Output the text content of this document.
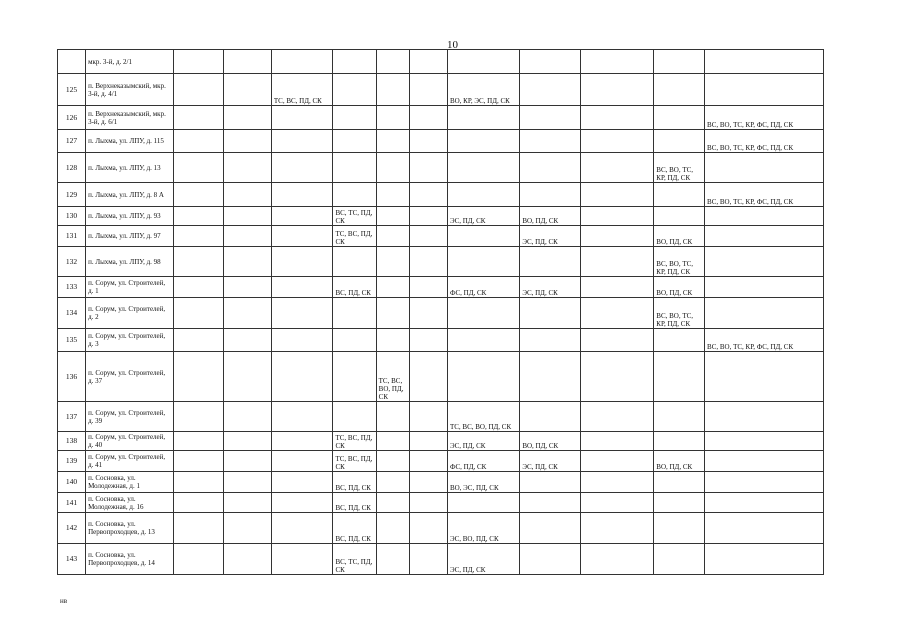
10
	мкр. 3-й, д. 2/1											
125	п. Верхнеказымский, мкр. 3-й, д. 4/1			ТС, ВС, ПД, СК				ВО, КР, ЭС, ПД, СК				
126	п. Верхнеказымский, мкр. 3-й, д. 6/1											ВС, ВО, ТС, КР, ФС, ПД, СК
127	п. Лыхма, ул. ЛПУ, д. 115											ВС, ВО, ТС, КР, ФС, ПД, СК
128	п. Лыхма, ул. ЛПУ, д. 13										ВС, ВО, ТС, КР, ПД, СК	
129	п. Лыхма, ул. ЛПУ, д. 8 А											ВС, ВО, ТС, КР, ФС, ПД, СК
130	п. Лыхма, ул. ЛПУ, д. 93				ВС, ТС, ПД, СК			ЭС, ПД, СК	ВО, ПД, СК			
131	п. Лыхма, ул. ЛПУ, д. 97				ТС, ВС, ПД, СК				ЭС, ПД, СК		ВО, ПД, СК	
132	п. Лыхма, ул. ЛПУ, д. 98										ВС, ВО, ТС, КР, ПД, СК	
133	п. Сорум, ул. Строителей, д. 1				ВС, ПД, СК			ФС, ПД, СК	ЭС, ПД, СК		ВО, ПД, СК	
134	п. Сорум, ул. Строителей, д. 2										ВС, ВО, ТС, КР, ПД, СК	
135	п. Сорум, ул. Строителей, д. 3											ВС, ВО, ТС, КР, ФС, ПД, СК
136	п. Сорум, ул. Строителей, д. 37					ТС, ВС, ВО, ПД, СК						
137	п. Сорум, ул. Строителей, д. 39							ТС, ВС, ВО, ПД, СК				
138	п. Сорум, ул. Строителей, д. 40				ТС, ВС, ПД, СК			ЭС, ПД, СК	ВО, ПД, СК			
139	п. Сорум, ул. Строителей, д. 41				ТС, ВС, ПД, СК			ФС, ПД, СК	ЭС, ПД, СК		ВО, ПД, СК	
140	п. Сосновка, ул. Молодежная, д. 1				ВС, ПД, СК			ВО, ЭС, ПД, СК				
141	п. Сосновка, ул. Молодежная, д. 16				ВС, ПД, СК							
142	п. Сосновка, ул. Первопроходцев, д. 13				ВС, ПД, СК			ЭС, ВО, ПД, СК				
143	п. Сосновка, ул. Первопроходцев, д. 14				ВС, ТС, ПД, СК			ЭС, ПД, СК				
нв
